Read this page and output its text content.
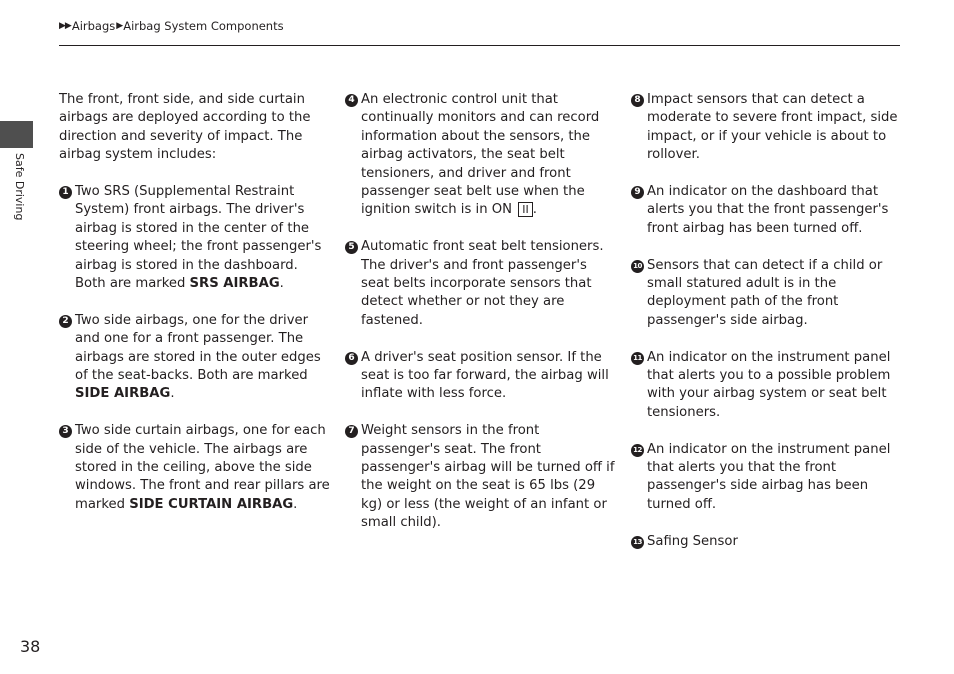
▶▶ Airbags ▶ Airbag System Components
Safe Driving

The front, front side, and side curtain airbags are deployed according to the direction and severity of impact. The airbag system includes:

1 Two SRS (Supplemental Restraint System) front airbags. The driver's airbag is stored in the center of the steering wheel; the front passenger's airbag is stored in the dashboard. Both are marked SRS AIRBAG.
2 Two side airbags, one for the driver and one for a front passenger. The airbags are stored in the outer edges of the seat-backs. Both are marked SIDE AIRBAG.
3 Two side curtain airbags, one for each side of the vehicle. The airbags are stored in the ceiling, above the side windows. The front and rear pillars are marked SIDE CURTAIN AIRBAG.
4 An electronic control unit that continually monitors and can record information about the sensors, the airbag activators, the seat belt tensioners, and driver and front passenger seat belt use when the ignition switch is in ON II .
5 Automatic front seat belt tensioners. The driver's and front passenger's seat belts incorporate sensors that detect whether or not they are fastened.
6 A driver's seat position sensor. If the seat is too far forward, the airbag will inflate with less force.
7 Weight sensors in the front passenger's seat. The front passenger's airbag will be turned off if the weight on the seat is 65 lbs (29 kg) or less (the weight of an infant or small child).
8 Impact sensors that can detect a moderate to severe front impact, side impact, or if your vehicle is about to rollover.
9 An indicator on the dashboard that alerts you that the front passenger's front airbag has been turned off.
10 Sensors that can detect if a child or small statured adult is in the deployment path of the front passenger's side airbag.
11 An indicator on the instrument panel that alerts you to a possible problem with your airbag system or seat belt tensioners.
12 An indicator on the instrument panel that alerts you that the front passenger's side airbag has been turned off.
13 Safing Sensor
38
